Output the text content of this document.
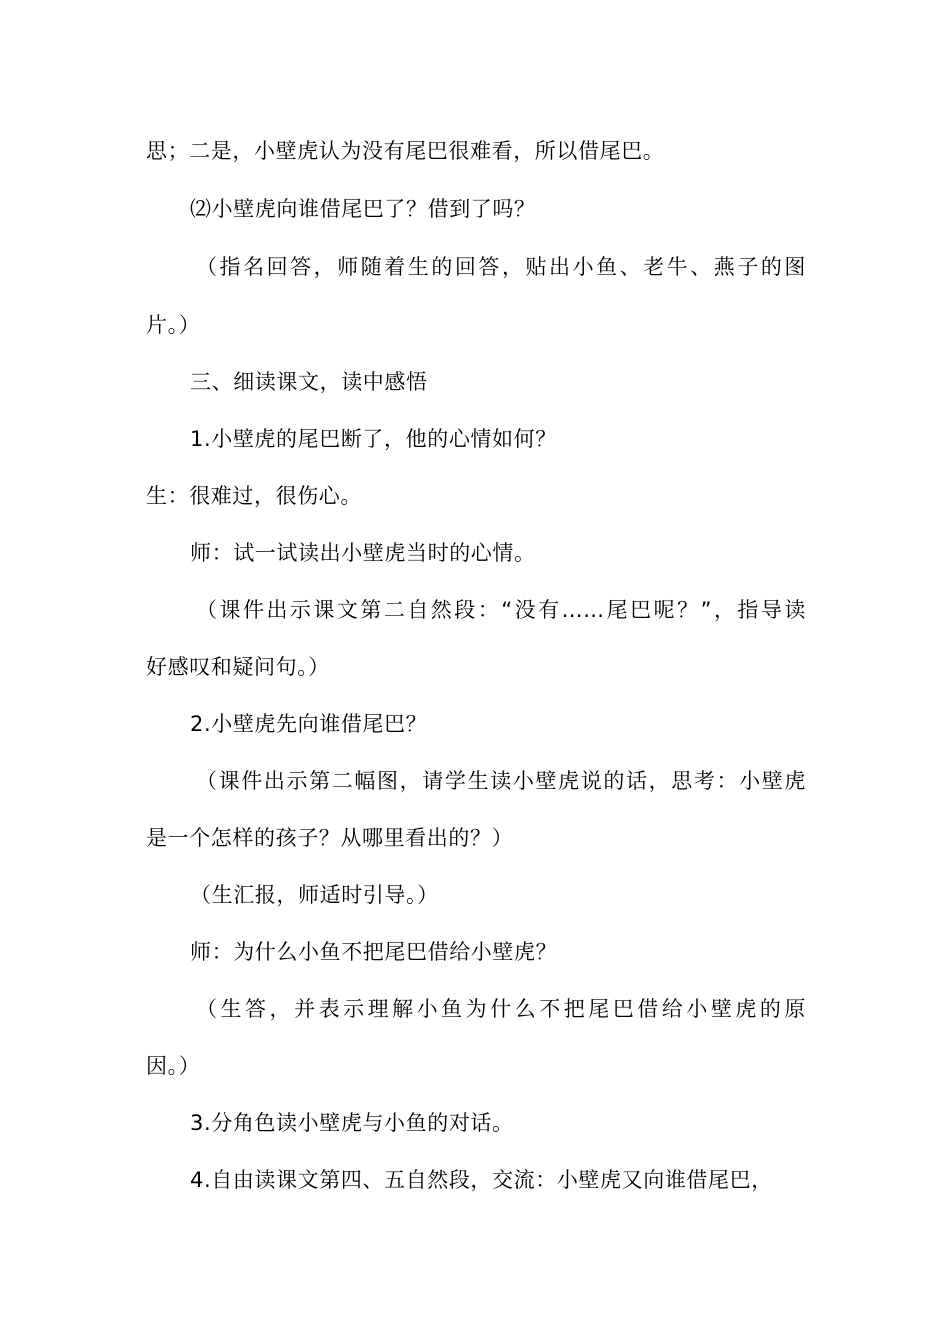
思；二是，小壁虎认为没有尾巴很难看，所以借尾巴。
⑵小壁虎向谁借尾巴了？借到了吗？
（指名回答，师随着生的回答，贴出小鱼、老牛、燕子的图
片。）
三、细读课文，读中感悟
1.小壁虎的尾巴断了，他的心情如何？
生：很难过，很伤心。
师：试一试读出小壁虎当时的心情。
（课件出示课文第二自然段：“没有……尾巴呢？”，指导读
好感叹和疑问句。）
2.小壁虎先向谁借尾巴？
（课件出示第二幅图，请学生读小壁虎说的话，思考：小壁虎
是一个怎样的孩子？从哪里看出的？）
（生汇报，师适时引导。）
师：为什么小鱼不把尾巴借给小壁虎？
（生答，并表示理解小鱼为什么不把尾巴借给小壁虎的原
因。）
3.分角色读小壁虎与小鱼的对话。
4.自由读课文第四、五自然段，交流：小壁虎又向谁借尾巴，
